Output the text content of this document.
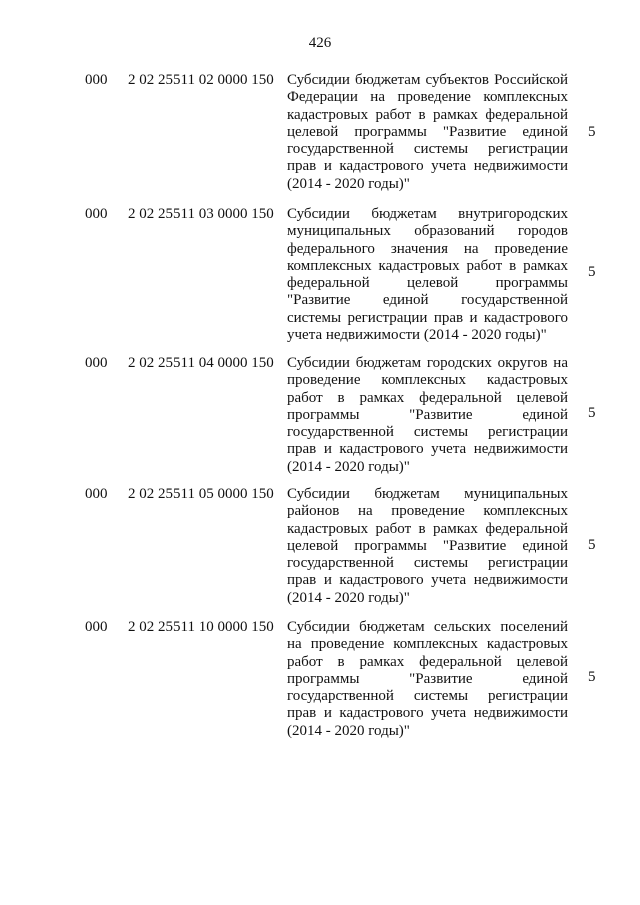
426
000 2 02 25511 02 0000 150 Субсидии бюджетам субъектов Российской Федерации на проведение комплексных кадастровых работ в рамках федеральной целевой программы "Развитие единой государственной системы регистрации прав и кадастрового учета недвижимости (2014 - 2020 годы)"
5
000 2 02 25511 03 0000 150 Субсидии бюджетам внутригородских муниципальных образований городов федерального значения на проведение комплексных кадастровых работ в рамках федеральной целевой программы "Развитие единой государственной системы регистрации прав и кадастрового учета недвижимости (2014 - 2020 годы)"
5
000 2 02 25511 04 0000 150 Субсидии бюджетам городских округов на проведение комплексных кадастровых работ в рамках федеральной целевой программы "Развитие единой государственной системы регистрации прав и кадастрового учета недвижимости (2014 - 2020 годы)"
5
000 2 02 25511 05 0000 150 Субсидии бюджетам муниципальных районов на проведение комплексных кадастровых работ в рамках федеральной целевой программы "Развитие единой государственной системы регистрации прав и кадастрового учета недвижимости (2014 - 2020 годы)"
5
000 2 02 25511 10 0000 150 Субсидии бюджетам сельских поселений на проведение комплексных кадастровых работ в рамках федеральной целевой программы "Развитие единой государственной системы регистрации прав и кадастрового учета недвижимости (2014 - 2020 годы)"
5
